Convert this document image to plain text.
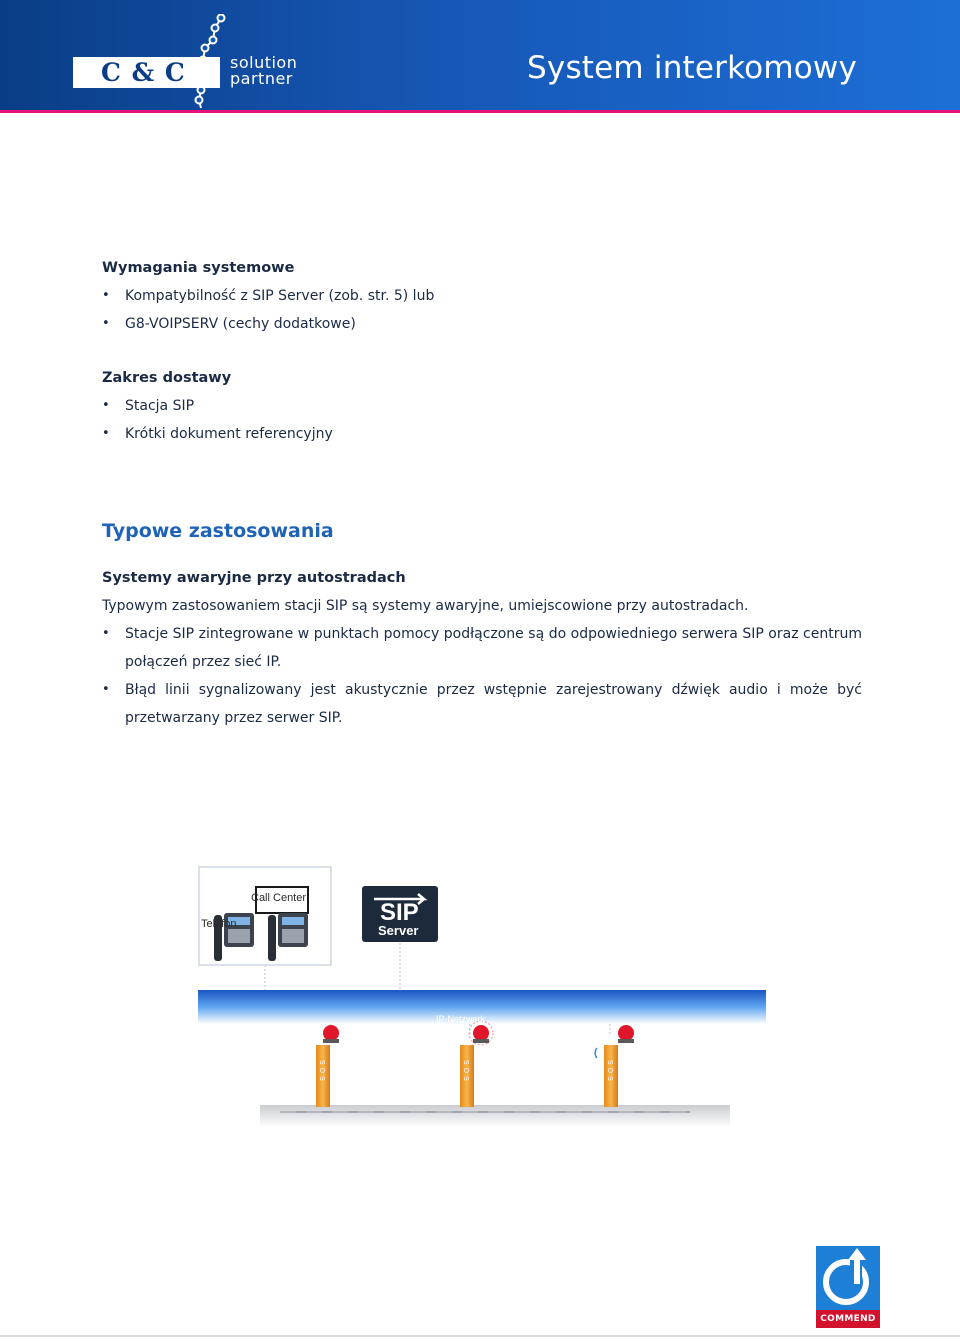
C & C	solution
partner	System interkomowy
Wymagania systemowe
• Kompatybilność z SIP Server (zob. str. 5) lub
• G8-VOIPSERV (cechy dodatkowe)
Zakres dostawy
• Stacja SIP
• Krótki dokument referencyjny
Typowe zastosowania
Systemy awaryjne przy autostradach

Typowym zastosowaniem stacji SIP są systemy awaryjne, umiejscowione przy autostradach.

• Stacje SIP zintegrowane w punktach pomocy podłączone są do odpowiedniego serwera SIP oraz centrum połączeń przez sieć IP.
• Błąd linii sygnalizowany jest akustycznie przez wstępnie zarejestrowany dźwięk audio i może być przetwarzany przez serwer SIP.
Call Center
Telefon	SIP
Server
IP-Netzwerk
SOS	SOS	SOS
COMMEND
